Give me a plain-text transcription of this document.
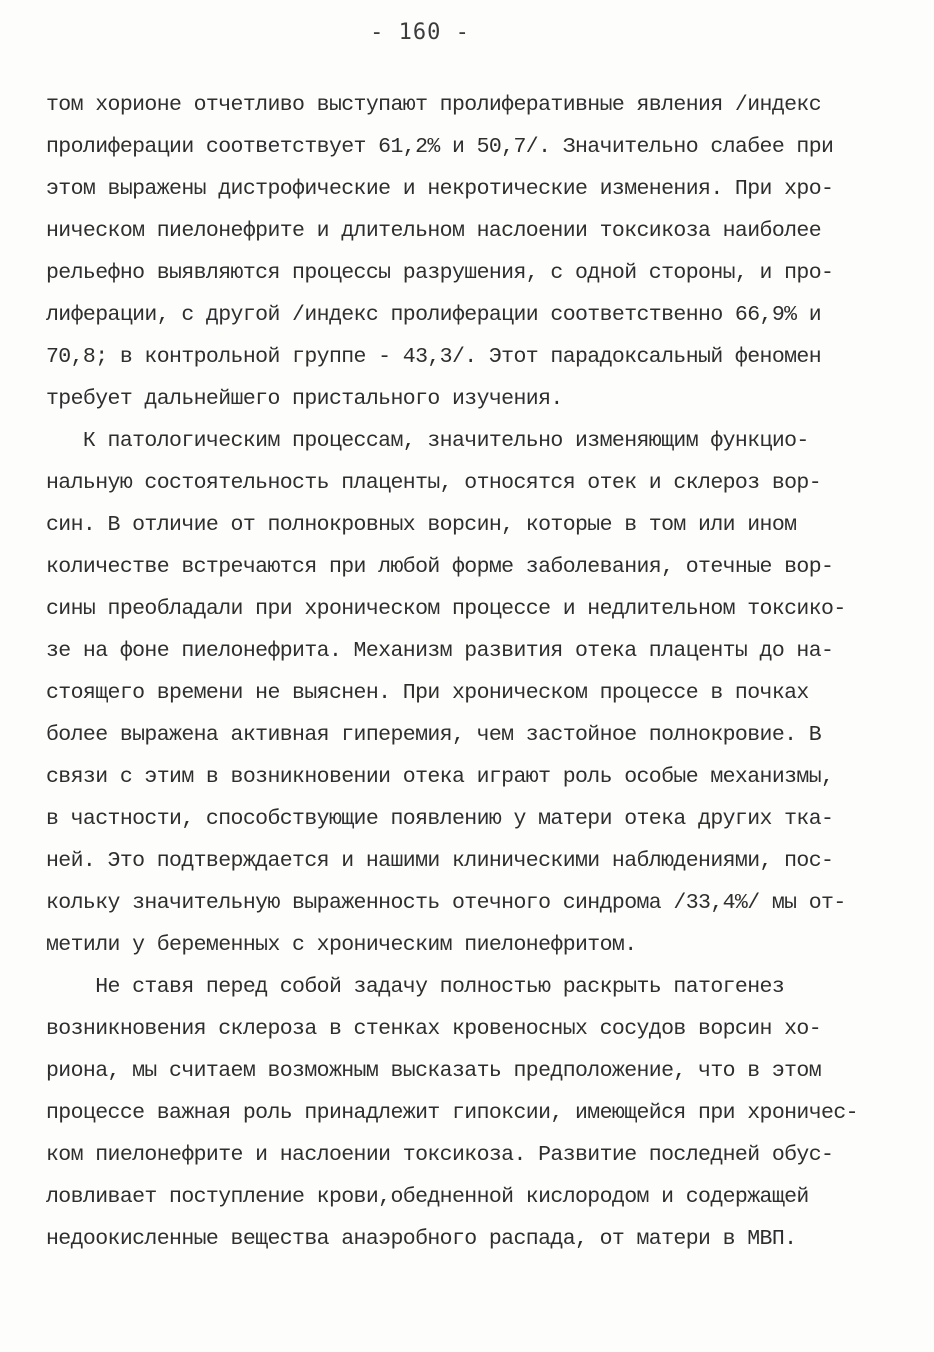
- 160 -
том хорионе отчетливо выступают пролиферативные явления /индекс
пролиферации соответствует 61,2% и 50,7/. Значительно слабее при
этом выражены дистрофические и некротические изменения. При хро-
ническом пиелонефрите и длительном наслоении токсикоза наиболее
рельефно выявляются процессы разрушения, с одной стороны, и про-
лиферации, с другой /индекс пролиферации соответственно 66,9% и
70,8; в контрольной группе - 43,3/. Этот парадоксальный феномен
требует дальнейшего пристального изучения.
К патологическим процессам, значительно изменяющим функцио-
нальную состоятельность плаценты, относятся отек и склероз вор-
син. В отличие от полнокровных ворсин, которые в том или ином
количестве встречаются при любой форме заболевания, отечные вор-
сины преобладали при хроническом процессе и недлительном токсико-
зе на фоне пиелонефрита. Механизм развития отека плаценты до на-
стоящего времени не выяснен. При хроническом процессе в почках
более выражена активная гиперемия, чем застойное полнокровие. В
связи с этим в возникновении отека играют роль особые механизмы,
в частности, способствующие появлению у матери отека других тка-
ней. Это подтверждается и нашими клиническими наблюдениями, пос-
кольку значительную выраженность отечного синдрома /33,4%/ мы от-
метили у беременных с хроническим пиелонефритом.
Не ставя перед собой задачу полностью раскрыть патогенез
возникновения склероза в стенках кровеносных сосудов ворсин хо-
риона, мы считаем возможным высказать предположение, что в этом
процессе важная роль принадлежит гипоксии, имеющейся при хроничес-
ком пиелонефрите и наслоении токсикоза. Развитие последней обус-
ловливает поступление крови,обедненной кислородом и содержащей
недоокисленные вещества анаэробного распада, от матери в МВП.
